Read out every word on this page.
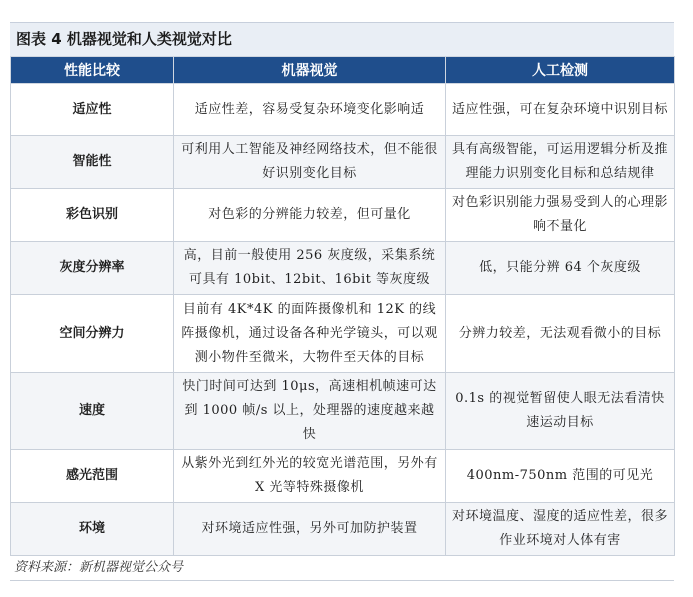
图表 4 机器视觉和人类视觉对比
性能比较	机器视觉	人工检测
适应性	适应性差，容易受复杂环境变化影响适	适应性强，可在复杂环境中识别目标
智能性	可利用人工智能及神经网络技术，但不能很好识别变化目标	具有高级智能，可运用逻辑分析及推理能力识别变化目标和总结规律
彩色识别	对色彩的分辨能力较差，但可量化	对色彩识别能力强易受到人的心理影响不量化
灰度分辨率	高，目前一般使用 256 灰度级，采集系统可具有 10bit、12bit、16bit 等灰度级	低，只能分辨 64 个灰度级
空间分辨力	目前有 4K*4K 的面阵摄像机和 12K 的线阵摄像机，通过设备各种光学镜头，可以观测小物件至微米，大物件至天体的目标	分辨力较差，无法观看微小的目标
速度	快门时间可达到 10μs，高速相机帧速可达到 1000 帧/s 以上，处理器的速度越来越快	0.1s 的视觉暂留使人眼无法看清快速运动目标
感光范围	从紫外光到红外光的较宽光谱范围，另外有 X 光等特殊摄像机	400nm-750nm 范围的可见光
环境	对环境适应性强，另外可加防护装置	对环境温度、湿度的适应性差，很多作业环境对人体有害
资料来源：新机器视觉公众号
